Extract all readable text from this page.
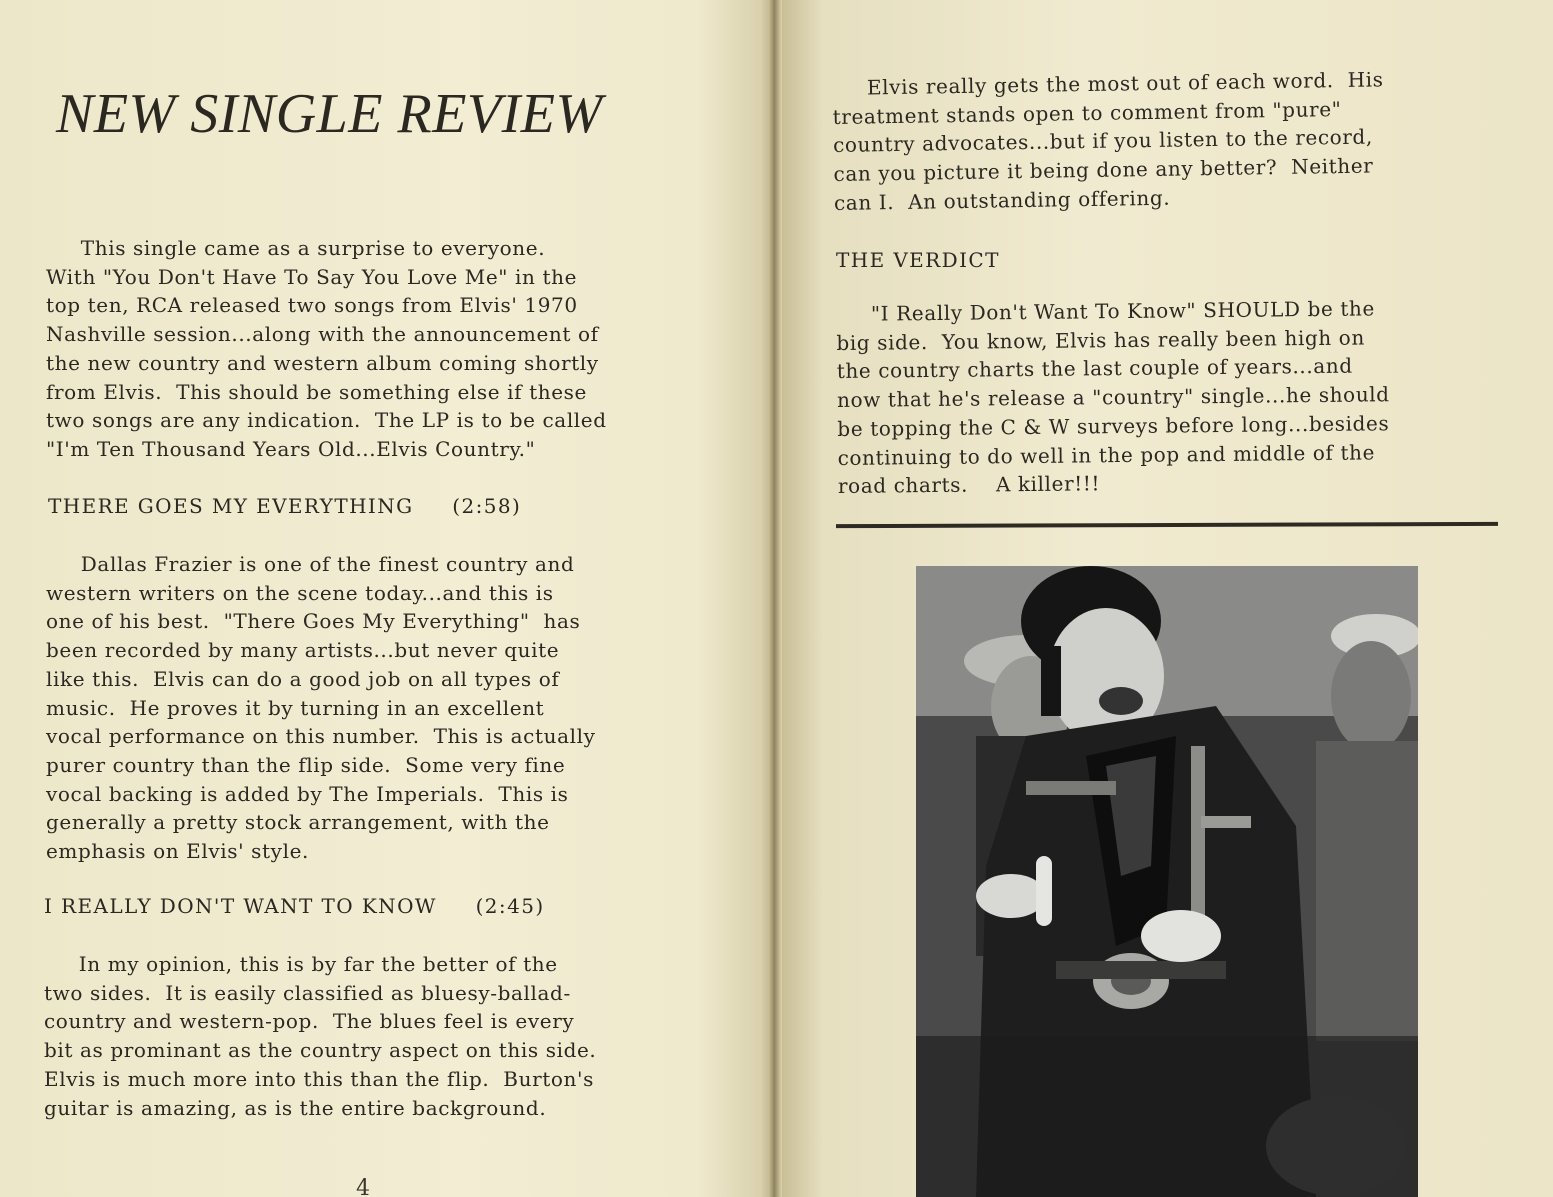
NEW SINGLE REVIEW

This single came as a surprise to everyone.
With "You Don't Have To Say You Love Me" in the
top ten, RCA released two songs from Elvis' 1970
Nashville session...along with the announcement of
the new country and western album coming shortly
from Elvis.  This should be something else if these
two songs are any indication.  The LP is to be called
"I'm Ten Thousand Years Old...Elvis Country."

THERE GOES MY EVERYTHING     (2:58)

Dallas Frazier is one of the finest country and
western writers on the scene today...and this is
one of his best.  "There Goes My Everything"  has
been recorded by many artists...but never quite
like this.  Elvis can do a good job on all types of
music.  He proves it by turning in an excellent
vocal performance on this number.  This is actually
purer country than the flip side.  Some very fine
vocal backing is added by The Imperials.  This is
generally a pretty stock arrangement, with the
emphasis on Elvis' style.

I REALLY DON'T WANT TO KNOW     (2:45)

In my opinion, this is by far the better of the
two sides.  It is easily classified as bluesy-ballad-
country and western-pop.  The blues feel is every
bit as prominant as the country aspect on this side.
Elvis is much more into this than the flip.  Burton's
guitar is amazing, as is the entire background.

4

Elvis really gets the most out of each word.  His
treatment stands open to comment from "pure"
country advocates...but if you listen to the record,
can you picture it being done any better?  Neither
can I.  An outstanding offering.

THE VERDICT

"I Really Don't Want To Know" SHOULD be the
big side.  You know, Elvis has really been high on
the country charts the last couple of years...and
now that he's release a "country" single...he should
be topping the C & W surveys before long...besides
continuing to do well in the pop and middle of the
road charts.    A killer!!!
